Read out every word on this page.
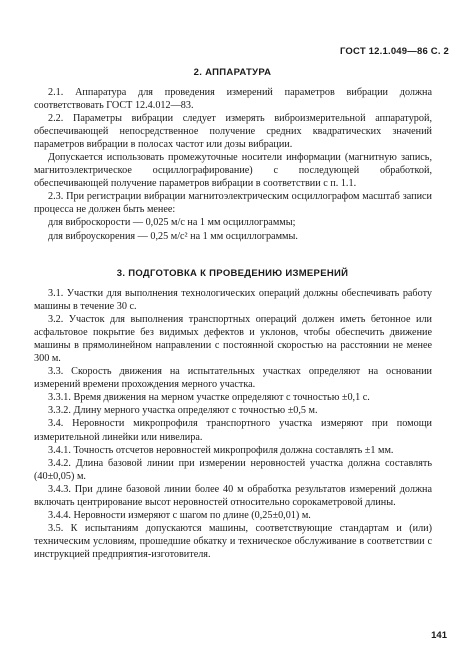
ГОСТ 12.1.049—86 С. 2
2. АППАРАТУРА

2.1. Аппаратура для проведения измерений параметров вибрации должна соответствовать ГОСТ 12.4.012—83.

2.2. Параметры вибрации следует измерять виброизмерительной аппаратурой, обеспечивающей непосредственное получение средних квадратических значений параметров вибрации в полосах частот или дозы вибрации.

Допускается использовать промежуточные носители информации (магнитную запись, магнитоэлектрическое осциллографирование) с последующей обработкой, обеспечивающей получение параметров вибрации в соответствии с п. 1.1.

2.3. При регистрации вибрации магнитоэлектрическим осциллографом масштаб записи процесса не должен быть менее:

для виброскорости — 0,025 м/с на 1 мм осциллограммы;

для виброускорения — 0,25 м/с² на 1 мм осциллограммы.

3. ПОДГОТОВКА К ПРОВЕДЕНИЮ ИЗМЕРЕНИЙ

3.1. Участки для выполнения технологических операций должны обеспечивать работу машины в течение 30 с.

3.2. Участок для выполнения транспортных операций должен иметь бетонное или асфальтовое покрытие без видимых дефектов и уклонов, чтобы обеспечить движение машины в прямолинейном направлении с постоянной скоростью на расстоянии не менее 300 м.

3.3. Скорость движения на испытательных участках определяют на основании измерений времени прохождения мерного участка.

3.3.1. Время движения на мерном участке определяют с точностью ±0,1 с.

3.3.2. Длину мерного участка определяют с точностью ±0,5 м.

3.4. Неровности микропрофиля транспортного участка измеряют при помощи измерительной линейки или нивелира.

3.4.1. Точность отсчетов неровностей микропрофиля должна составлять ±1 мм.

3.4.2. Длина базовой линии при измерении неровностей участка должна составлять (40±0,05) м.

3.4.3. При длине базовой линии более 40 м обработка результатов измерений должна включать центрирование высот неровностей относительно сорокаметровой длины.

3.4.4. Неровности измеряют с шагом по длине (0,25±0,01) м.

3.5. К испытаниям допускаются машины, соответствующие стандартам и (или) техническим условиям, прошедшие обкатку и техническое обслуживание в соответствии с инструкцией предприятия-изготовителя.

141
